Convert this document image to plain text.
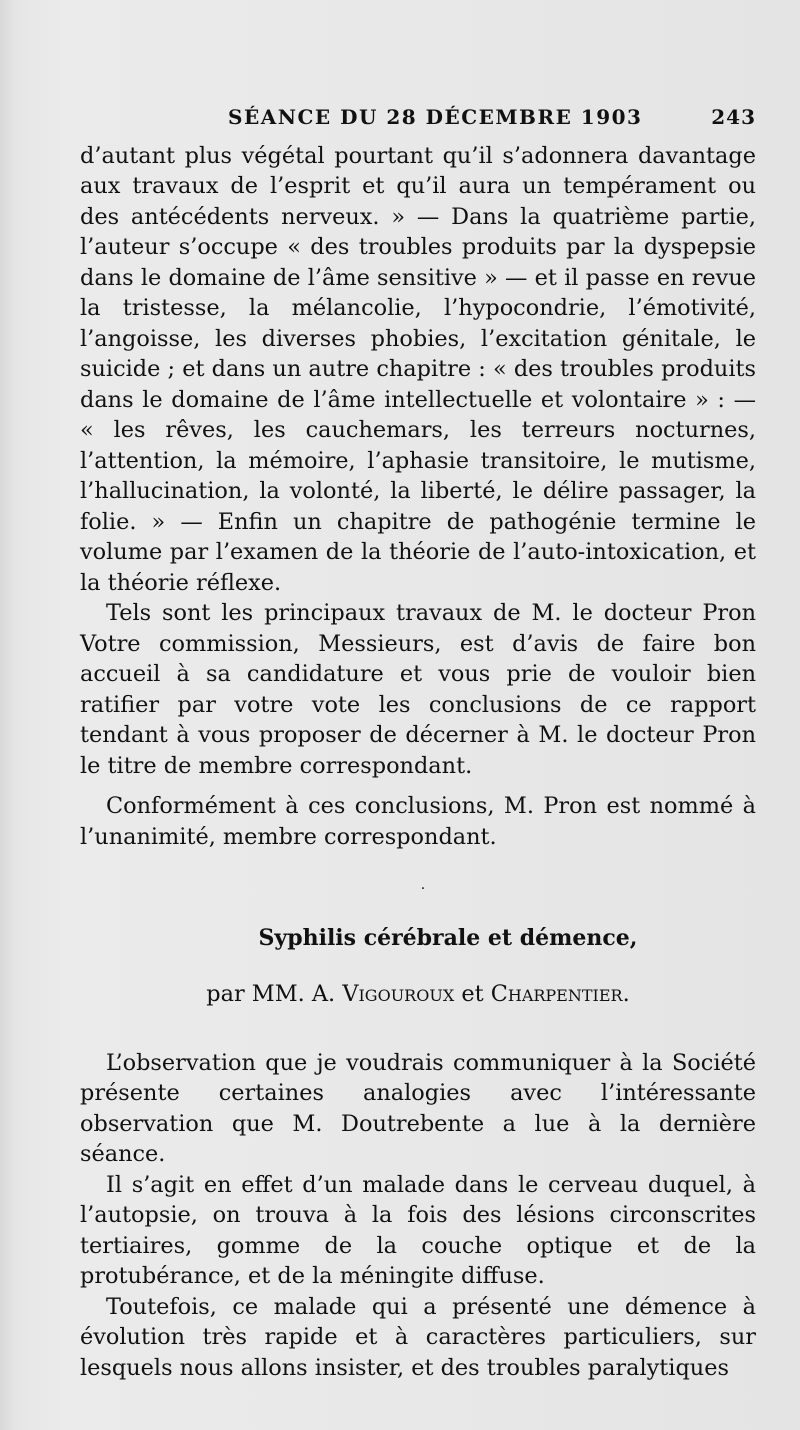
SÉANCE DU 28 DÉCEMBRE 1903	243

d’autant plus végétal pourtant qu’il s’adonnera davantage aux travaux de l’esprit et qu’il aura un tempérament ou des antécédents nerveux. » — Dans la quatrième partie, l’auteur s’occupe « des troubles produits par la dyspepsie dans le domaine de l’âme sensitive » — et il passe en revue la tristesse, la mélancolie, l’hypocondrie, l’émotivité, l’angoisse, les diverses phobies, l’excitation génitale, le suicide ; et dans un autre chapitre : « des troubles produits dans le domaine de l’âme intellectuelle et volontaire » : — « les rêves, les cauchemars, les terreurs nocturnes, l’attention, la mémoire, l’aphasie transitoire, le mutisme, l’hallucination, la volonté, la liberté, le délire passager, la folie. » — Enfin un chapitre de pathogénie termine le volume par l’examen de la théorie de l’auto-intoxication, et la théorie réflexe.

Tels sont les principaux travaux de M. le docteur Pron Votre commission, Messieurs, est d’avis de faire bon accueil à sa candidature et vous prie de vouloir bien ratifier par votre vote les conclusions de ce rapport tendant à vous proposer de décerner à M. le docteur Pron le titre de membre correspondant.

Conformément à ces conclusions, M. Pron est nommé à l’unanimité, membre correspondant.

·
Syphilis cérébrale et démence,
par MM. A. Vigouroux et Charpentier.

L’observation que je voudrais communiquer à la Société présente certaines analogies avec l’intéressante observation que M. Doutrebente a lue à la dernière séance.

Il s’agit en effet d’un malade dans le cerveau duquel, à l’autopsie, on trouva à la fois des lésions circonscrites tertiaires, gomme de la couche optique et de la protubérance, et de la méningite diffuse.

Toutefois, ce malade qui a présenté une démence à évolution très rapide et à caractères particuliers, sur lesquels nous allons insister, et des troubles paralytiques
